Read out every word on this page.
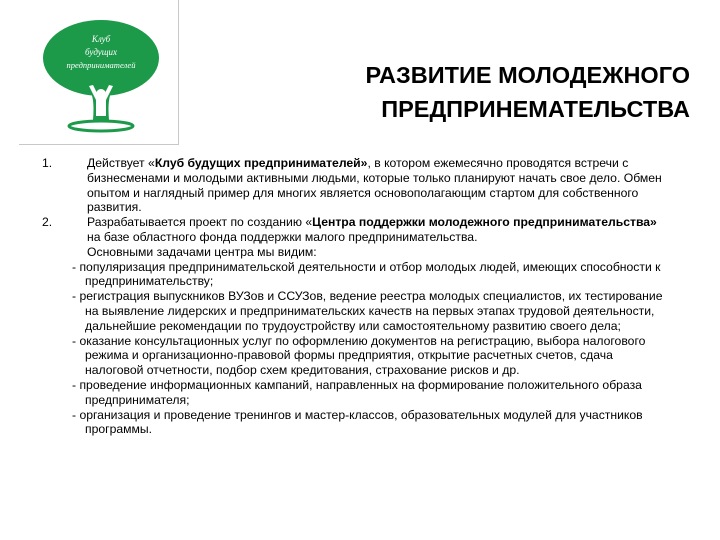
Клуб
будущих
предпринимателей	РАЗВИТИЕ МОЛОДЕЖНОГО
ПРЕДПРИНЕМАТЕЛЬСТВА
1.	Действует «Клуб будущих предпринимателей», в котором ежемесячно проводятся встречи с бизнесменами и молодыми активными людьми, которые только планируют начать свое дело. Обмен опытом и наглядный пример для многих является основополагающим стартом для собственного развития.
2.	Разрабатывается проект по созданию «Центра поддержки молодежного предпринимательства» на базе областного фонда поддержки малого предпринимательства.
Основными задачами центра мы видим:
- популяризация предпринимательской деятельности и отбор молодых людей, имеющих способности к предпринимательству;
- регистрация выпускников ВУЗов и ССУЗов, ведение реестра молодых специалистов, их тестирование на выявление лидерских и предпринимательских качеств на первых этапах трудовой деятельности, дальнейшие рекомендации по трудоустройству или самостоятельному развитию своего дела;
- оказание консультационных услуг по оформлению документов на регистрацию, выбора налогового режима и организационно-правовой формы предприятия, открытие расчетных счетов, сдача налоговой отчетности, подбор схем кредитования, страхование рисков и др.
- проведение информационных кампаний, направленных на формирование положительного образа предпринимателя;
- организация и проведение тренингов и мастер-классов, образовательных модулей для участников программы.
